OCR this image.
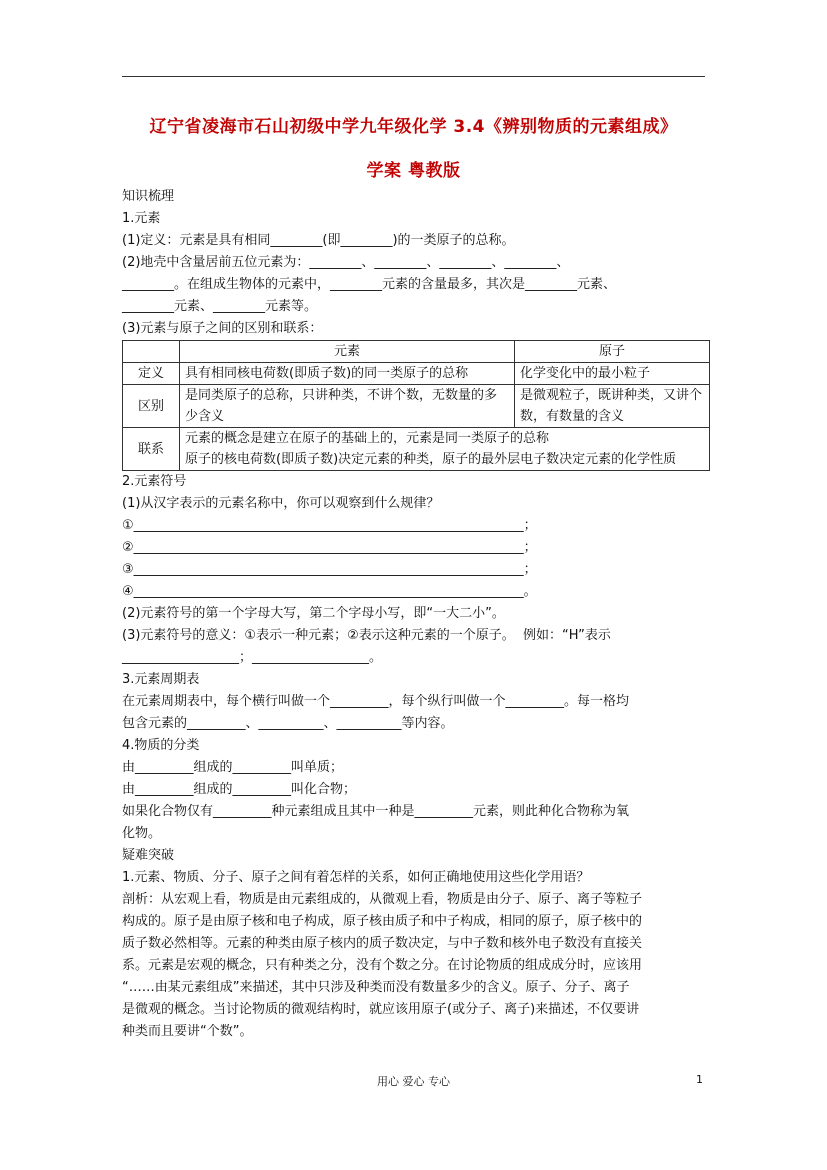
辽宁省凌海市石山初级中学九年级化学 3.4《辨别物质的元素组成》
学案 粤教版

知识梳理

1.元素

(1)定义：元素是具有相同________(即________)的一类原子的总称。

(2)地壳中含量居前五位元素为：________、________、________、________、

________。在组成生物体的元素中，________元素的含量最多，其次是________元素、

________元素、________元素等。

(3)元素与原子之间的区别和联系：

	元素	原子
定义	具有相同核电荷数(即质子数)的同一类原子的总称	化学变化中的最小粒子
区别	是同类原子的总称，只讲种类，不讲个数，无数量的多少含义	是微观粒子，既讲种类，又讲个数，有数量的含义
联系	元素的概念是建立在原子的基础上的，元素是同一类原子的总称
原子的核电荷数(即质子数)决定元素的种类，原子的最外层电子数决定元素的化学性质	

2.元素符号

(1)从汉字表示的元素名称中，你可以观察到什么规律？

①____________________________________________________________；

②____________________________________________________________；

③____________________________________________________________；

④____________________________________________________________。

(2)元素符号的第一个字母大写，第二个字母小写，即“一大二小”。

(3)元素符号的意义：①表示一种元素；②表示这种元素的一个原子。  例如：“H”表示

__________________；__________________。

3.元素周期表

在元素周期表中，每个横行叫做一个_________，每个纵行叫做一个_________。每一格均

包含元素的_________、__________、__________等内容。

4.物质的分类

由_________组成的_________叫单质；

由_________组成的_________叫化合物；

如果化合物仅有_________种元素组成且其中一种是_________元素，则此种化合物称为氧

化物。

疑难突破

1.元素、物质、分子、原子之间有着怎样的关系，如何正确地使用这些化学用语？

剖析：从宏观上看，物质是由元素组成的，从微观上看，物质是由分子、原子、离子等粒子

构成的。原子是由原子核和电子构成，原子核由质子和中子构成，相同的原子，原子核中的

质子数必然相等。元素的种类由原子核内的质子数决定，与中子数和核外电子数没有直接关

系。元素是宏观的概念，只有种类之分，没有个数之分。在讨论物质的组成成分时，应该用

“……由某元素组成”来描述，其中只涉及种类而没有数量多少的含义。原子、分子、离子

是微观的概念。当讨论物质的微观结构时，就应该用原子(或分子、离子)来描述，不仅要讲

种类而且要讲“个数”。

用心 爱心 专心	1
